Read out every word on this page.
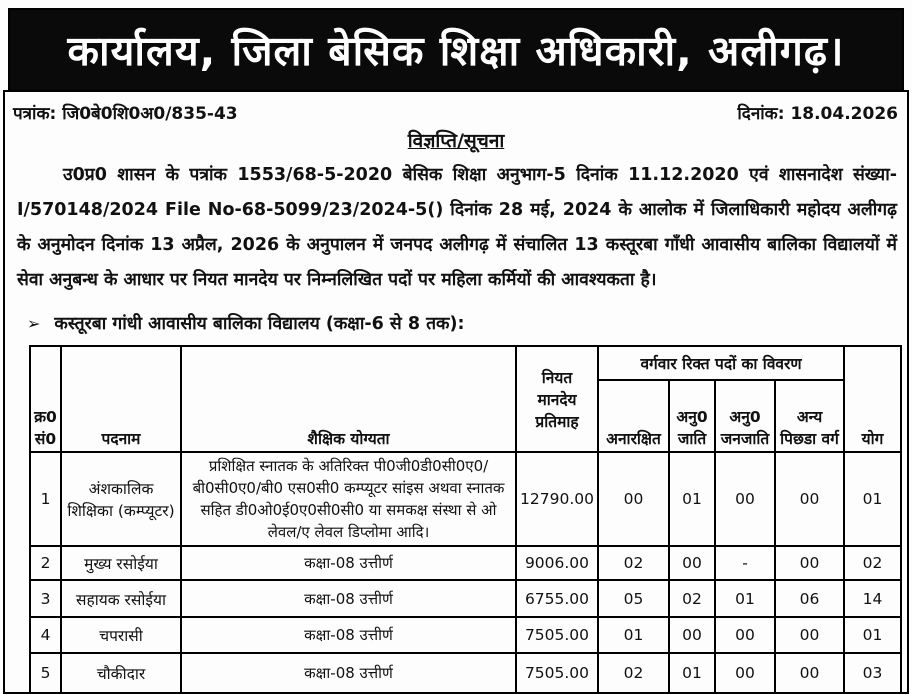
कार्यालय, जिला बेसिक शिक्षा अधिकारी, अलीगढ़।
पत्रांक: जि0बे0शि0अ0/835-43	दिनांक: 18.04.2026
विज्ञप्ति/सूचना
उ0प्र0 शासन के पत्रांक 1553/68-5-2020 बेसिक शिक्षा अनुभाग-5 दिनांक 11.12.2020 एवं शासनादेश संख्या-I/570148/2024 File No-68-5099/23/2024-5() दिनांक 28 मई, 2024 के आलोक में जिलाधिकारी महोदय अलीगढ़ के अनुमोदन दिनांक 13 अप्रैल, 2026 के अनुपालन में जनपद अलीगढ़ में संचालित 13 कस्तूरबा गाँधी आवासीय बालिका विद्यालयों में सेवा अनुबन्ध के आधार पर नियत मानदेय पर निम्नलिखित पदों पर महिला कर्मियों की आवश्यकता है।
➢ कस्तूरबा गांधी आवासीय बालिका विद्यालय (कक्षा-6 से 8 तक):
क्र0 सं0	पदनाम	शैक्षिक योग्यता	नियत मानदेय प्रतिमाह	वर्गवार रिक्त पदों का विवरण				योग
				अनारक्षित	अनु0 जाति	अनु0 जनजाति	अन्य पिछडा वर्ग	
1	अंशकालिक शिक्षिका (कम्प्यूटर)	प्रशिक्षित स्नातक के अतिरिक्त पी0जी0डी0सी0ए0/बी0सी0ए0/बी0 एस0सी0 कम्प्यूटर सांइस अथवा स्नातक सहित डी0ओ0ई0ए0सी0सी0 या समकक्ष संस्था से ओ लेवल/ए लेवल डिप्लोमा आदि।	12790.00	00	01	00	00	01
2	मुख्य रसोईया	कक्षा-08 उत्तीर्ण	9006.00	02	00	-	00	02
3	सहायक रसोईया	कक्षा-08 उत्तीर्ण	6755.00	05	02	01	06	14
4	चपरासी	कक्षा-08 उत्तीर्ण	7505.00	01	00	00	00	01
5	चौकीदार	कक्षा-08 उत्तीर्ण	7505.00	02	01	00	00	03
